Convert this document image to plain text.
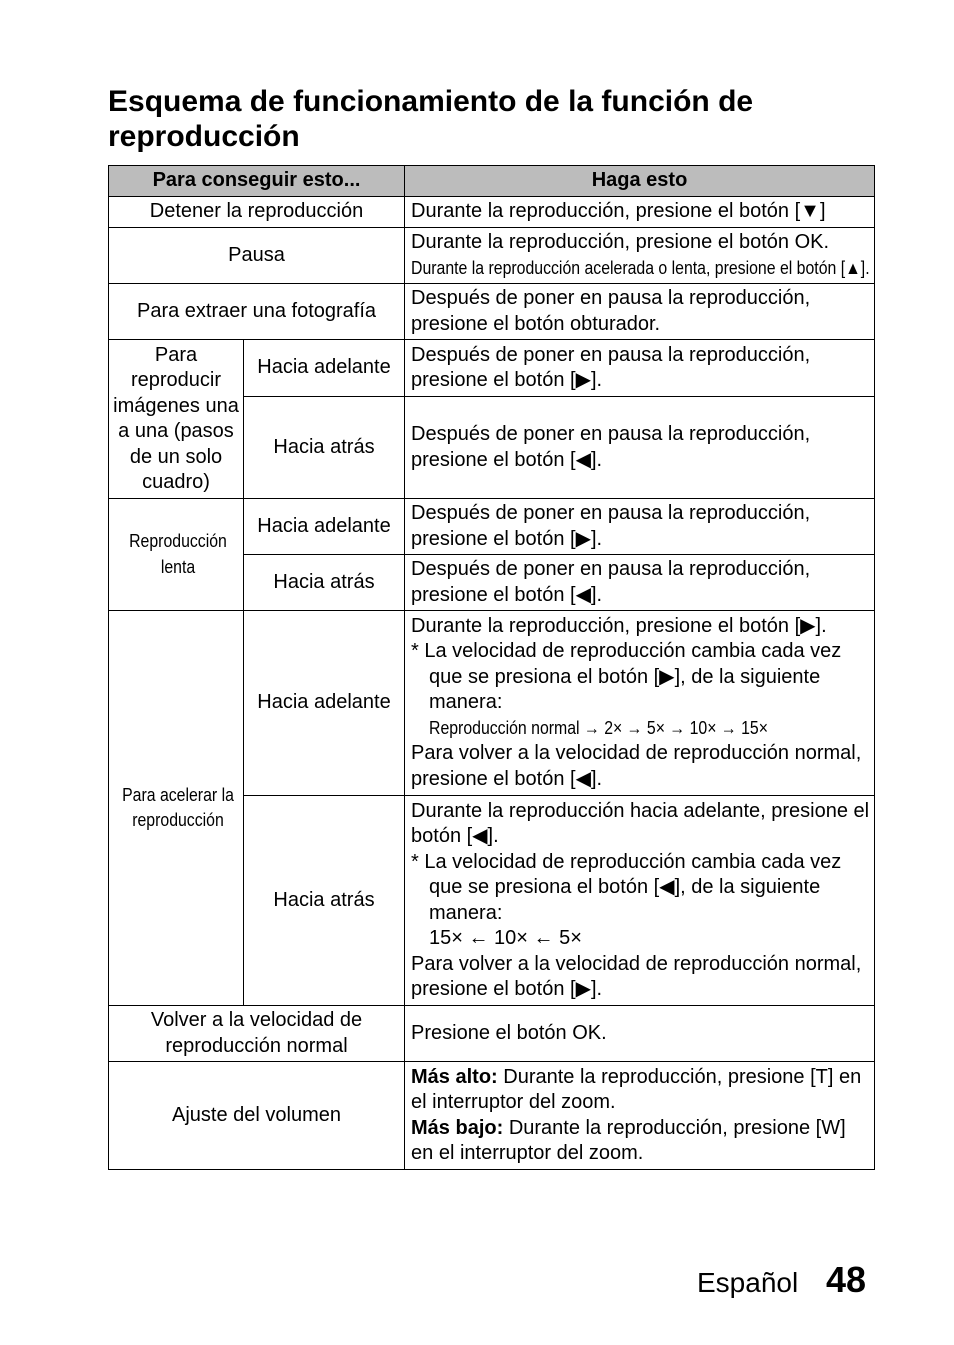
Esquema de funcionamiento de la función de reproducción
Para conseguir esto...		Haga esto
Detener la reproducción		Durante la reproducción, presione el botón [▼]
Pausa		Durante la reproducción, presione el botón OK.
Durante la reproducción acelerada o lenta, presione el botón [▲].
Para extraer una fotografía		Después de poner en pausa la reproducción, presione el botón obturador.
Para reproducir imágenes una a una (pasos de un solo cuadro)	Hacia adelante	Después de poner en pausa la reproducción, presione el botón [▶].
	Hacia atrás	Después de poner en pausa la reproducción, presione el botón [◀].
Reproducción lenta	Hacia adelante	Después de poner en pausa la reproducción, presione el botón [▶].
	Hacia atrás	Después de poner en pausa la reproducción, presione el botón [◀].
Para acelerar la reproducción	Hacia adelante	Durante la reproducción, presione el botón [▶].
* La velocidad de reproducción cambia cada vez que se presiona el botón [▶], de la siguiente manera:
Reproducción normal → 2× → 5× → 10× → 15×
Para volver a la velocidad de reproducción normal, presione el botón [◀].

	Hacia atrás	Durante la reproducción hacia adelante, presione el botón [◀].
* La velocidad de reproducción cambia cada vez que se presiona el botón [◀], de la siguiente manera:
15× ← 10× ← 5×
Para volver a la velocidad de reproducción normal, presione el botón [▶].

Volver a la velocidad de reproducción normal		Presione el botón OK.
Ajuste del volumen		Más alto: Durante la reproducción, presione [T] en el interruptor del zoom.
Más bajo: Durante la reproducción, presione [W] en el interruptor del zoom.
Español 48
